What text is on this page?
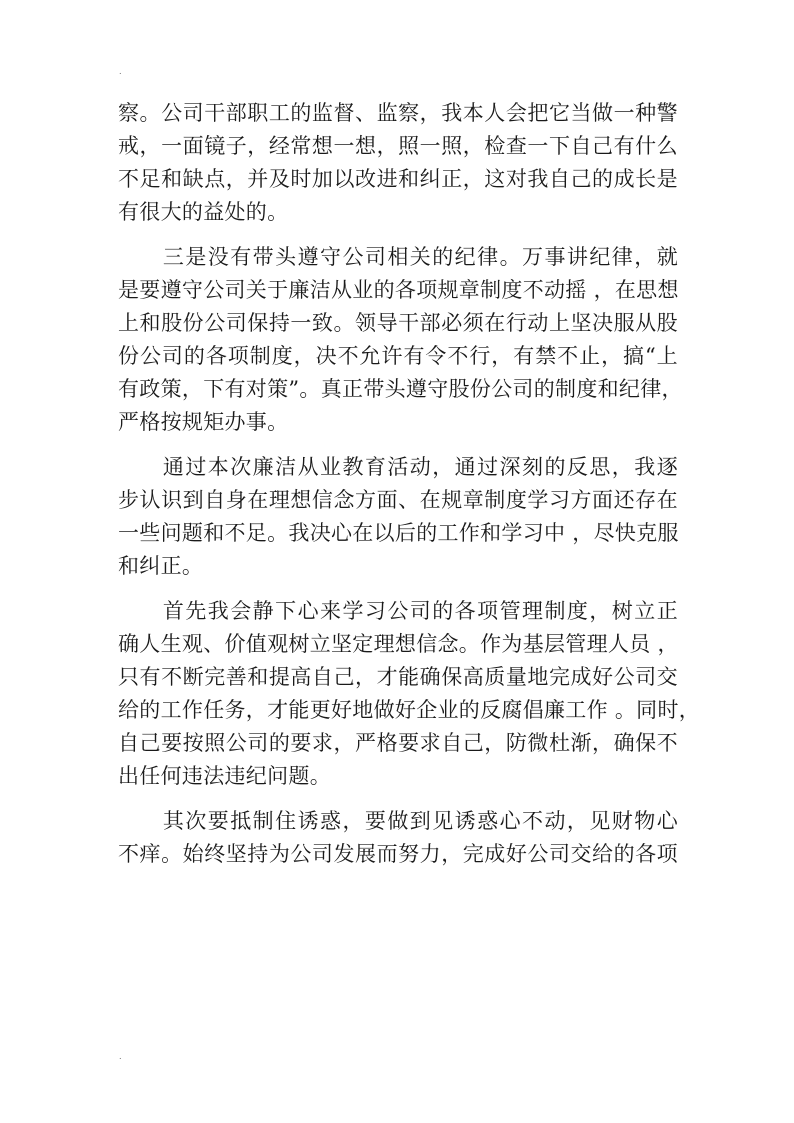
.

察。公司干部职工的监督、监察，我本人会把它当做一种警
戒，一面镜子，经常想一想，照一照，检查一下自己有什么
不足和缺点，并及时加以改进和纠正，这对我自己的成长是
有很大的益处的。

　　三是没有带头遵守公司相关的纪律。万事讲纪律，就
是要遵守公司关于廉洁从业的各项规章制度不动摇 ，在思想
上和股份公司保持一致。领导干部必须在行动上坚决服从股
份公司的各项制度，决不允许有令不行，有禁不止，搞“上
有政策，下有对策”。真正带头遵守股份公司的制度和纪律，
严格按规矩办事。

　　通过本次廉洁从业教育活动，通过深刻的反思，我逐
步认识到自身在理想信念方面、在规章制度学习方面还存在
一些问题和不足。我决心在以后的工作和学习中 ，尽快克服
和纠正。

　　首先我会静下心来学习公司的各项管理制度，树立正
确人生观、价值观树立坚定理想信念。作为基层管理人员 ，
只有不断完善和提高自己，才能确保高质量地完成好公司交
给的工作任务，才能更好地做好企业的反腐倡廉工作 。同时，
自己要按照公司的要求，严格要求自己，防微杜渐，确保不
出任何违法违纪问题。

　　其次要抵制住诱惑，要做到见诱惑心不动，见财物心
不痒。始终坚持为公司发展而努力，完成好公司交给的各项

.
